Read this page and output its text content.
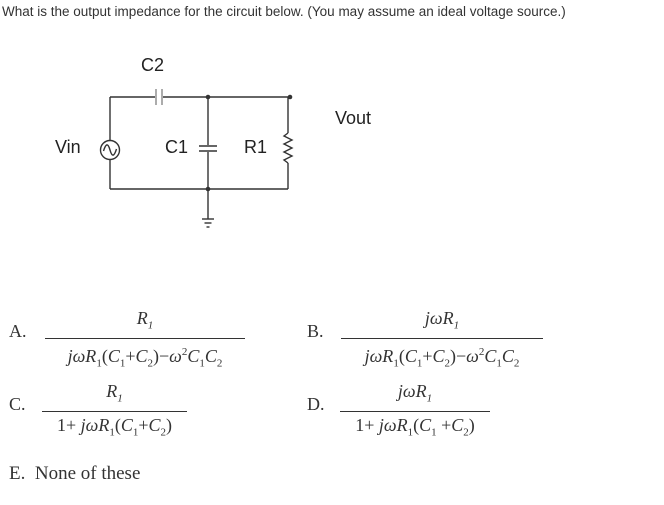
What is the output impedance for the circuit below. (You may assume an ideal voltage source.)
C2
C1	R1
Vin
Vout
A.
$R_1$
$j\omega R_1(C_1+C_2)-\omega^2C_1C_2$
B.
jωR$_1$
$j\omega R_1(C_1+C_2)-\omega^2C_1C_2$
C.
$R_1$
$1+ j\omega R_1(C_1+C_2)$
D.
jωR$_1$
$1+ j\omega R_1(C_1 +C_2)$
E.  None of these
